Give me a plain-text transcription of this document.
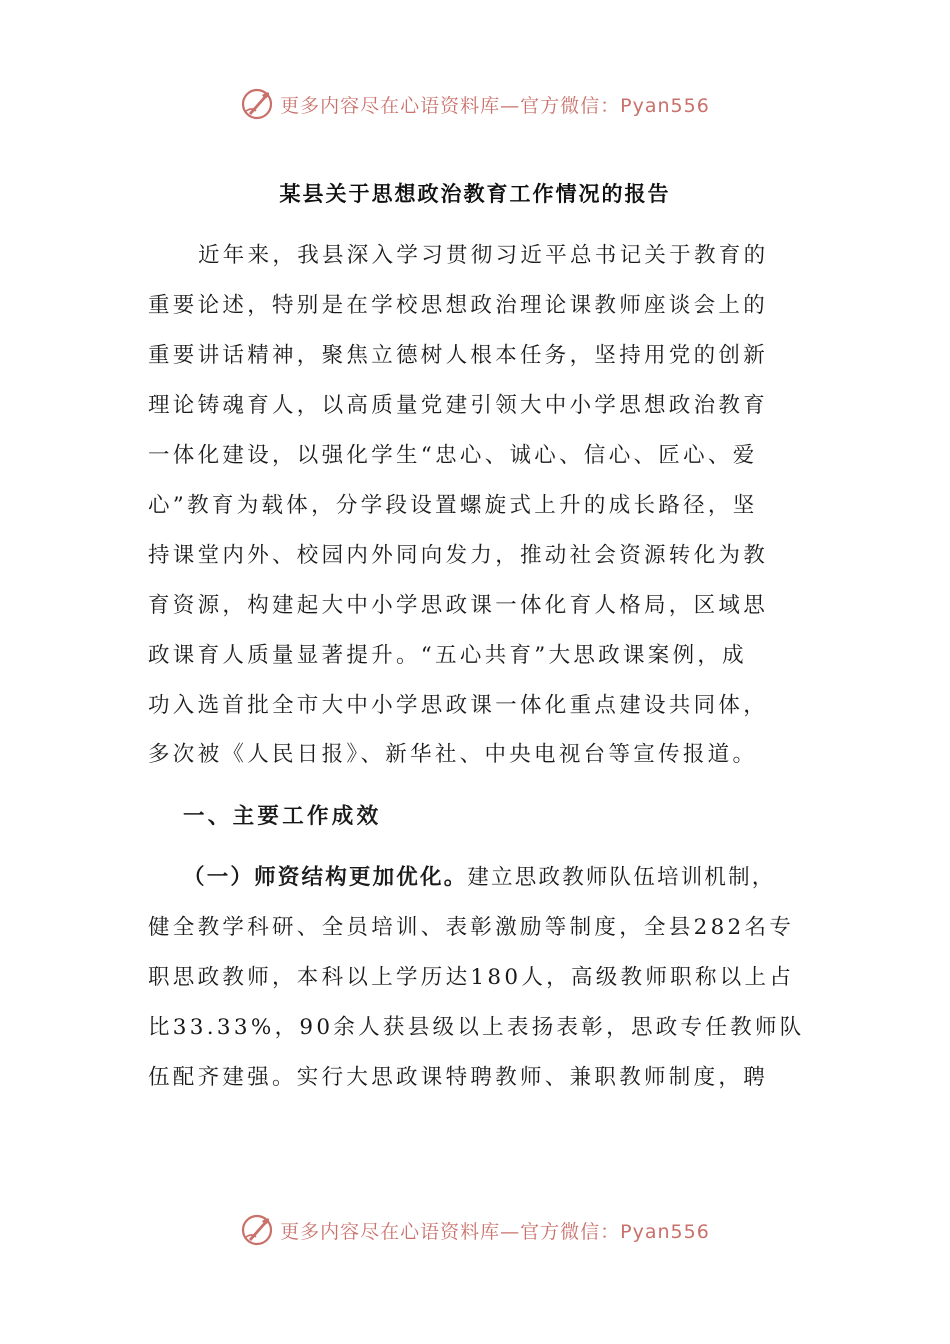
更多内容尽在心语资料库—官方微信：Pyan556
某县关于思想政治教育工作情况的报告
近年来，我县深入学习贯彻习近平总书记关于教育的
重要论述，特别是在学校思想政治理论课教师座谈会上的
重要讲话精神，聚焦立德树人根本任务，坚持用党的创新
理论铸魂育人，以高质量党建引领大中小学思想政治教育
一体化建设，以强化学生“忠心、诚心、信心、匠心、爱
心”教育为载体，分学段设置螺旋式上升的成长路径，坚
持课堂内外、校园内外同向发力，推动社会资源转化为教
育资源，构建起大中小学思政课一体化育人格局，区域思
政课育人质量显著提升。“五心共育”大思政课案例，成
功入选首批全市大中小学思政课一体化重点建设共同体，
多次被《人民日报》、新华社、中央电视台等宣传报道。
一、主要工作成效
（一）师资结构更加优化。建立思政教师队伍培训机制，
健全教学科研、全员培训、表彰激励等制度，全县282名专
职思政教师，本科以上学历达180人，高级教师职称以上占
比33.33%，90余人获县级以上表扬表彰，思政专任教师队
伍配齐建强。实行大思政课特聘教师、兼职教师制度，聘
更多内容尽在心语资料库—官方微信：Pyan556
